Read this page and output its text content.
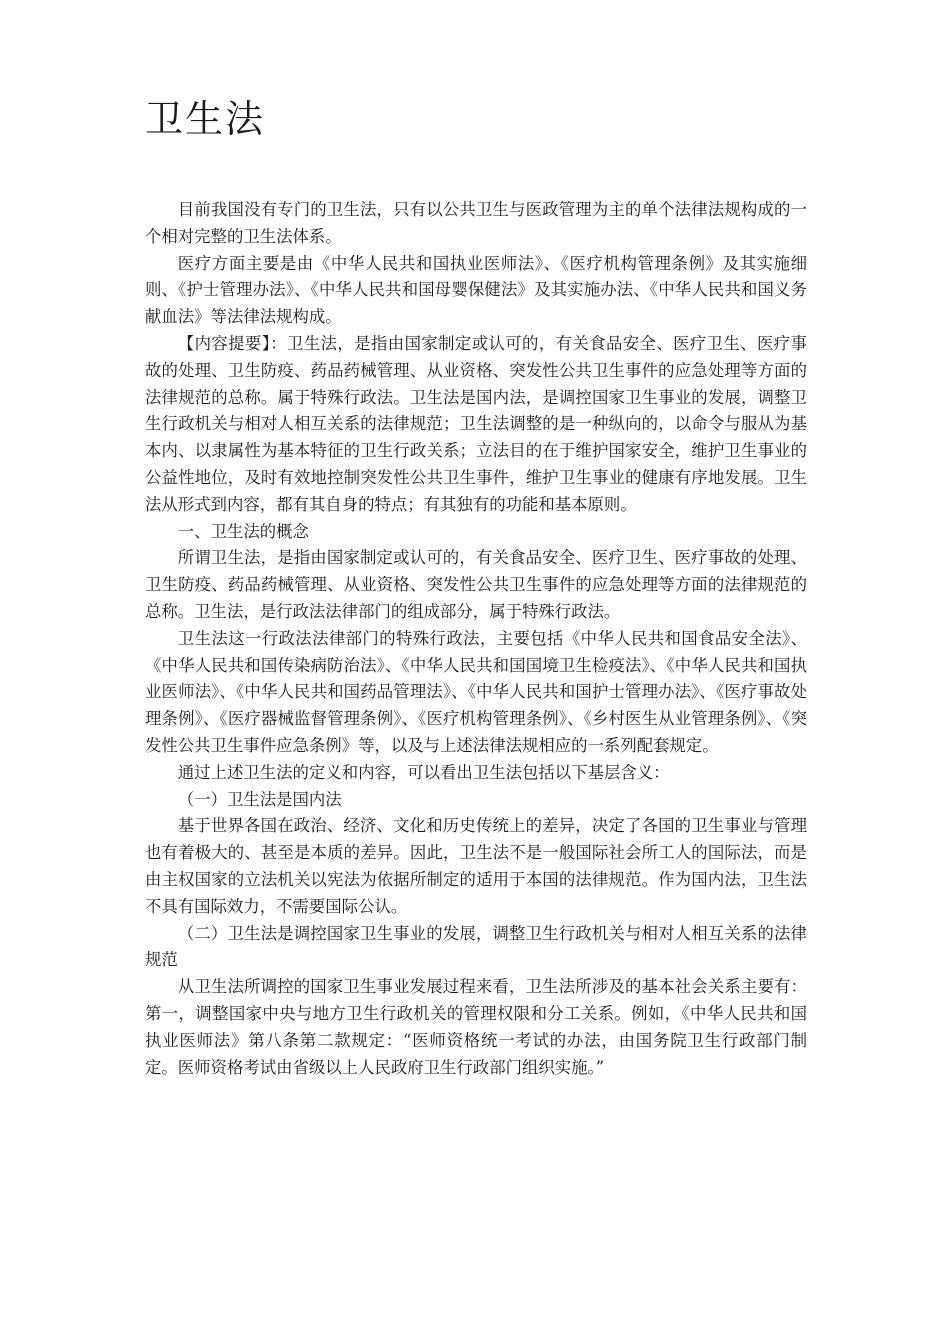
卫生法

目前我国没有专门的卫生法，只有以公共卫生与医政管理为主的单个法律法规构成的一个相对完整的卫生法体系。

医疗方面主要是由《中华人民共和国执业医师法》、《医疗机构管理条例》及其实施细则、《护士管理办法》、《中华人民共和国母婴保健法》及其实施办法、《中华人民共和国义务献血法》等法律法规构成。

【内容提要】：卫生法，是指由国家制定或认可的，有关食品安全、医疗卫生、医疗事故的处理、卫生防疫、药品药械管理、从业资格、突发性公共卫生事件的应急处理等方面的法律规范的总称。属于特殊行政法。卫生法是国内法，是调控国家卫生事业的发展，调整卫生行政机关与相对人相互关系的法律规范；卫生法调整的是一种纵向的，以命令与服从为基本内、以隶属性为基本特征的卫生行政关系；立法目的在于维护国家安全，维护卫生事业的公益性地位，及时有效地控制突发性公共卫生事件，维护卫生事业的健康有序地发展。卫生法从形式到内容，都有其自身的特点；有其独有的功能和基本原则。

一、卫生法的概念

所谓卫生法，是指由国家制定或认可的，有关食品安全、医疗卫生、医疗事故的处理、卫生防疫、药品药械管理、从业资格、突发性公共卫生事件的应急处理等方面的法律规范的总称。卫生法，是行政法法律部门的组成部分，属于特殊行政法。

卫生法这一行政法法律部门的特殊行政法，主要包括《中华人民共和国食品安全法》、《中华人民共和国传染病防治法》、《中华人民共和国国境卫生检疫法》、《中华人民共和国执业医师法》、《中华人民共和国药品管理法》、《中华人民共和国护士管理办法》、《医疗事故处理条例》、《医疗器械监督管理条例》、《医疗机构管理条例》、《乡村医生从业管理条例》、《突发性公共卫生事件应急条例》等，以及与上述法律法规相应的一系列配套规定。

通过上述卫生法的定义和内容，可以看出卫生法包括以下基层含义：

（一）卫生法是国内法

基于世界各国在政治、经济、文化和历史传统上的差异，决定了各国的卫生事业与管理也有着极大的、甚至是本质的差异。因此，卫生法不是一般国际社会所工人的国际法，而是由主权国家的立法机关以宪法为依据所制定的适用于本国的法律规范。作为国内法，卫生法不具有国际效力，不需要国际公认。

（二）卫生法是调控国家卫生事业的发展，调整卫生行政机关与相对人相互关系的法律规范

从卫生法所调控的国家卫生事业发展过程来看，卫生法所涉及的基本社会关系主要有：第一，调整国家中央与地方卫生行政机关的管理权限和分工关系。例如，《中华人民共和国执业医师法》第八条第二款规定：“医师资格统一考试的办法，由国务院卫生行政部门制定。医师资格考试由省级以上人民政府卫生行政部门组织实施。”
